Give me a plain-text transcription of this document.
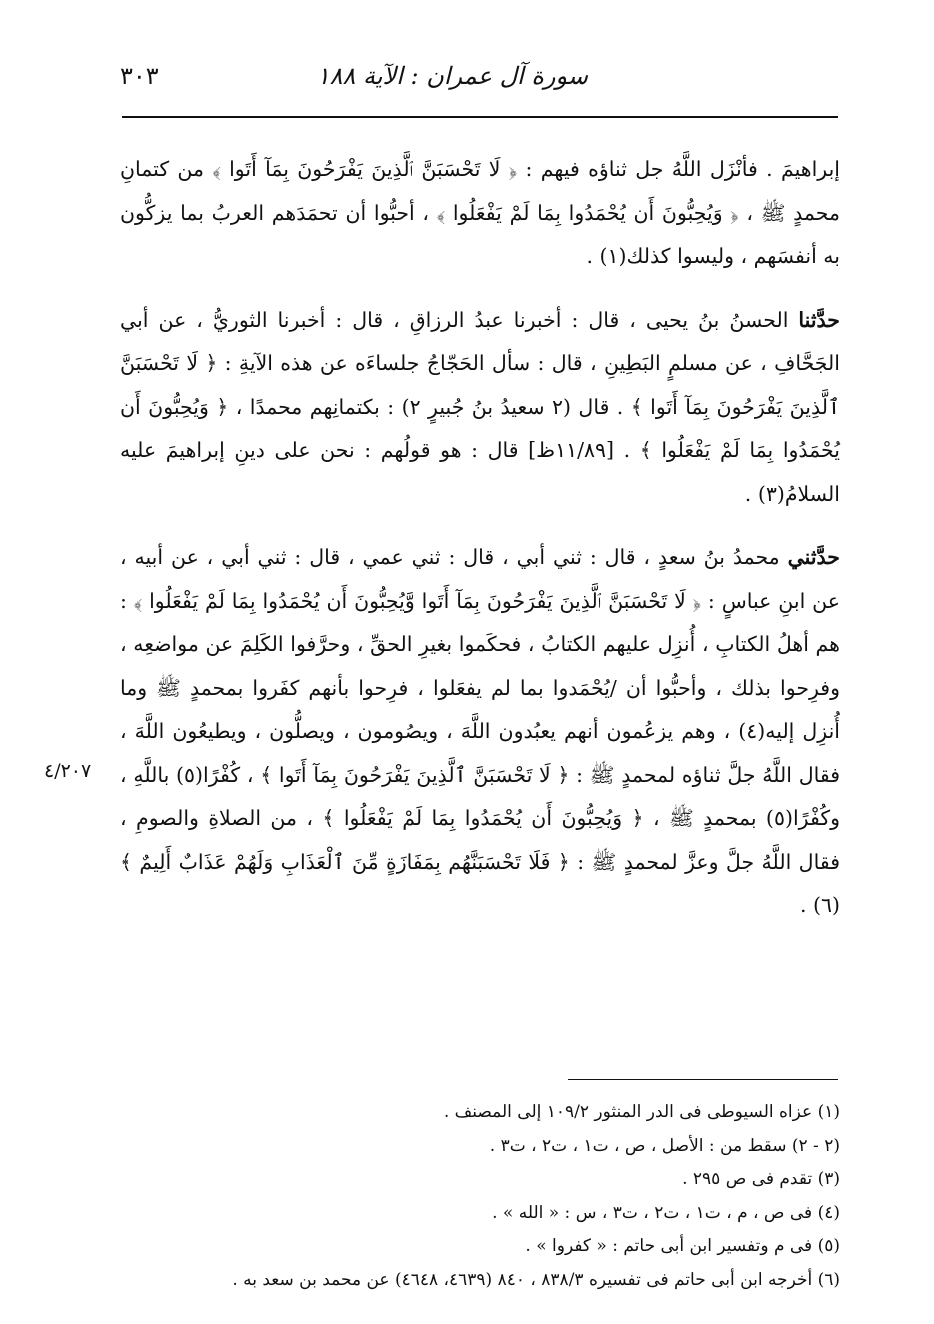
سورة آل عمران : الآية ١٨٨
٣٠٣

إبراهيمَ . فأنْزَل اللَّهُ جل ثناؤه فيهم : ﴿ لَا تَحْسَبَنَّ ٱلَّذِينَ يَفْرَحُونَ بِمَآ أَتَوا ﴾ من كتمانِ محمدٍ ﷺ ، ﴿ وَيُحِبُّونَ أَن يُحْمَدُوا بِمَا لَمْ يَفْعَلُوا ﴾ ، أحبُّوا أن تحمَدَهم العربُ بما يزكُّون به أنفسَهم ، وليسوا كذلك(١) .

حدَّثنا الحسنُ بنُ يحيى ، قال : أخبرنا عبدُ الرزاقِ ، قال : أخبرنا الثوريُّ ، عن أبي الجَحَّافِ ، عن مسلمٍ البَطِينِ ، قال : سأل الحَجّاجُ جلساءَه عن هذه الآيةِ : ﴿ لَا تَحْسَبَنَّ ٱلَّذِينَ يَفْرَحُونَ بِمَآ أَتَوا ﴾ . قال (٢ سعيدُ بنُ جُبيرٍ ٢) : بكتمانِهم محمدًا ، ﴿ وَيُحِبُّونَ أَن يُحْمَدُوا بِمَا لَمْ يَفْعَلُوا ﴾ . [١١/٨٩ظ] قال : هو قولُهم : نحن على دينِ إبراهيمَ عليه السلامُ(٣) .

حدَّثني محمدُ بنُ سعدٍ ، قال : ثني أبي ، قال : ثني عمي ، قال : ثني أبي ، عن أبيه ، عن ابنِ عباسٍ : ﴿ لَا تَحْسَبَنَّ ٱلَّذِينَ يَفْرَحُونَ بِمَآ أَتَوا وَّيُحِبُّونَ أَن يُحْمَدُوا بِمَا لَمْ يَفْعَلُوا ﴾ : هم أهلُ الكتابِ ، أُنزِل عليهم الكتابُ ، فحكَموا بغيرِ الحقِّ ، وحرَّفوا الكَلِمَ عن مواضعِه ، وفرِحوا بذلك ، وأحبُّوا أن /يُحْمَدوا بما لم يفعَلوا ، فرِحوا بأنهم كفَروا بمحمدٍ ﷺ وما أُنزِل إليه(٤) ، وهم يزعُمون أنهم يعبُدون اللَّهَ ، ويصُومون ، ويصلُّون ، ويطيعُون اللَّهَ ، فقال اللَّهُ جلَّ ثناؤه لمحمدٍ ﷺ : ﴿ لَا تَحْسَبَنَّ ٱلَّذِينَ يَفْرَحُونَ بِمَآ أَتَوا ﴾ ، كُفْرًا(٥) باللَّهِ ، وكُفْرًا(٥) بمحمدٍ ﷺ ، ﴿ وَيُحِبُّونَ أَن يُحْمَدُوا بِمَا لَمْ يَفْعَلُوا ﴾ ، من الصلاةِ والصومِ ، فقال اللَّهُ جلَّ وعزَّ لمحمدٍ ﷺ : ﴿ فَلَا تَحْسَبَنَّهُم بِمَفَازَةٍ مِّنَ ٱلْعَذَابِ وَلَهُمْ عَذَابٌ أَلِيمٌ ﴾(٦) .

٤/٢٠٧

(١) عزاه السيوطى فى الدر المنثور ١٠٩/٢ إلى المصنف .

(٢ - ٢) سقط من : الأصل ، ص ، ت١ ، ت٢ ، ت٣ .

(٣) تقدم فى ص ٢٩٥ .

(٤) فى ص ، م ، ت١ ، ت٢ ، ت٣ ، س : « الله » .

(٥) فى م وتفسير ابن أبى حاتم : « كفروا » .

(٦) أخرجه ابن أبى حاتم فى تفسيره ٨٣٨/٣ ، ٨٤٠ (٤٦٣٩، ٤٦٤٨) عن محمد بن سعد به .
